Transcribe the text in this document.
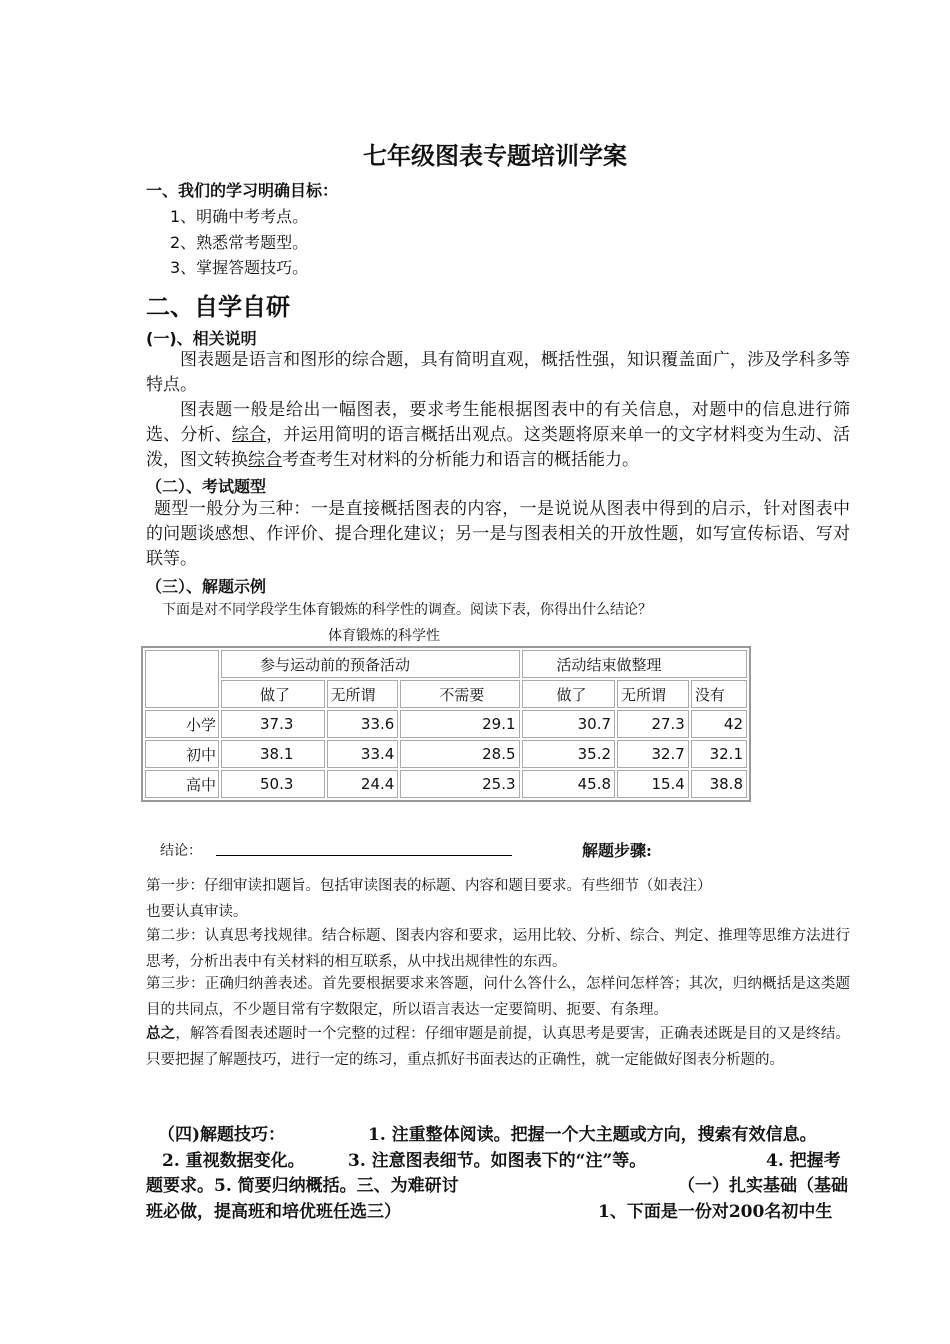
七年级图表专题培训学案
一、我们的学习明确目标：
1、明确中考考点。
2、熟悉常考题型。
3、掌握答题技巧。
二、自学自研
(一)、相关说明
图表题是语言和图形的综合题，具有简明直观，概括性强，知识覆盖面广，涉及学科多等特点。
图表题一般是给出一幅图表，要求考生能根据图表中的有关信息，对题中的信息进行筛选、分析、综合，并运用简明的语言概括出观点。这类题将原来单一的文字材料变为生动、活泼，图文转换综合考查考生对材料的分析能力和语言的概括能力。
（二）、考试题型
题型一般分为三种：一是直接概括图表的内容，一是说说从图表中得到的启示，针对图表中的问题谈感想、作评价、提合理化建议；另一是与图表相关的开放性题，如写宣传标语、写对联等。
（三）、解题示例
下面是对不同学段学生体育锻炼的科学性的调查。阅读下表，你得出什么结论？
体育锻炼的科学性
	参与运动前的预备活动			活动结束做整理		
	做了	无所谓	不需要	做了	无所谓	没有
小学	37.3	33.6	29.1	30.7	27.3	42
初中	38.1	33.4	28.5	35.2	32.7	32.1
高中	50.3	24.4	25.3	45.8	15.4	38.8
结论：	解题步骤:
第一步：仔细审读扣题旨。包括审读图表的标题、内容和题目要求。有些细节（如表注）
也要认真审读。
第二步：认真思考找规律。结合标题、图表内容和要求，运用比较、分析、综合、判定、推理等思维方法进行思考，分析出表中有关材料的相互联系，从中找出规律性的东西。
第三步：正确归纳善表述。首先要根据要求来答题，问什么答什么，怎样问怎样答；其次，归纳概括是这类题目的共同点，不少题目常有字数限定，所以语言表达一定要简明、扼要、有条理。
总之，解答看图表述题时一个完整的过程：仔细审题是前提，认真思考是要害，正确表述既是目的又是终结。只要把握了解题技巧，进行一定的练习，重点抓好书面表达的正确性，就一定能做好图表分析题的。
（四)解题技巧：	1. 注重整体阅读。把握一个大主题或方向，搜索有效信息。
2. 重视数据变化。	3. 注意图表细节。如图表下的“注”等。	4. 把握考
题要求。5. 简要归纳概括。三、为难研讨	（一）扎实基础（基础
班必做，提高班和培优班任选三）	1、下面是一份对200名初中生
